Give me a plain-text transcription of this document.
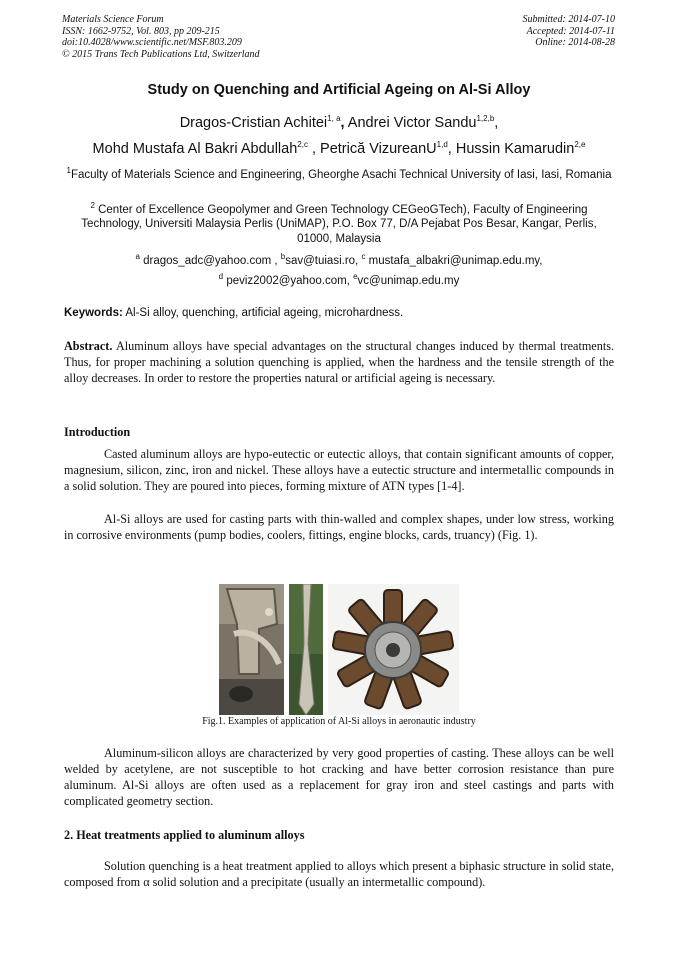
Materials Science Forum
ISSN: 1662-9752, Vol. 803, pp 209-215
doi:10.4028/www.scientific.net/MSF.803.209
© 2015 Trans Tech Publications Ltd, Switzerland
Submitted: 2014-07-10
Accepted: 2014-07-11
Online: 2014-08-28
Study on Quenching and Artificial Ageing on Al-Si Alloy
Dragos-Cristian Achitei$^{1, a}$, Andrei Victor Sandu$^{1,2,b}$,
Mohd Mustafa Al Bakri Abdullah$^{2,c}$ , Petrică VizureanU$^{1,d}$, Hussin Kamarudin$^{2,e}$
$^1$Faculty of Materials Science and Engineering, Gheorghe Asachi Technical University of Iasi, Iasi, Romania
$^2$ Center of Excellence Geopolymer and Green Technology CEGeoGTech), Faculty of Engineering Technology, Universiti Malaysia Perlis (UniMAP), P.O. Box 77, D/A Pejabat Pos Besar, Kangar, Perlis, 01000, Malaysia
$^a$ dragos_adc@yahoo.com , $^b$sav@tuiasi.ro, $^c$ mustafa_albakri@unimap.edu.my,
$^d$ peviz2002@yahoo.com, $^e$vc@unimap.edu.my
Keywords: Al-Si alloy, quenching, artificial ageing, microhardness.
Abstract. Aluminum alloys have special advantages on the structural changes induced by thermal treatments. Thus, for proper machining a solution quenching is applied, when the hardness and the tensile strength of the alloy decreases. In order to restore the properties natural or artificial ageing is necessary.
Introduction
Casted aluminum alloys are hypo-eutectic or eutectic alloys, that contain significant amounts of copper, magnesium, silicon, zinc, iron and nickel. These alloys have a eutectic structure and intermetallic compounds in a solid solution. They are poured into pieces, forming mixture of ATN types [1-4].
Al-Si alloys are used for casting parts with thin-walled and complex shapes, under low stress, working in corrosive environments (pump bodies, coolers, fittings, engine blocks, cards, truancy) (Fig. 1).
Fig.1. Examples of application of Al-Si alloys in aeronautic industry
Aluminum-silicon alloys are characterized by very good properties of casting. These alloys can be well welded by acetylene, are not susceptible to hot cracking and have better corrosion resistance than pure aluminum. Al-Si alloys are often used as a replacement for gray iron and steel castings and parts with complicated geometry section.
2. Heat treatments applied to aluminum alloys
Solution quenching is a heat treatment applied to alloys which present a biphasic structure in solid state, composed from α solid solution and a precipitate (usually an intermetallic compound).
